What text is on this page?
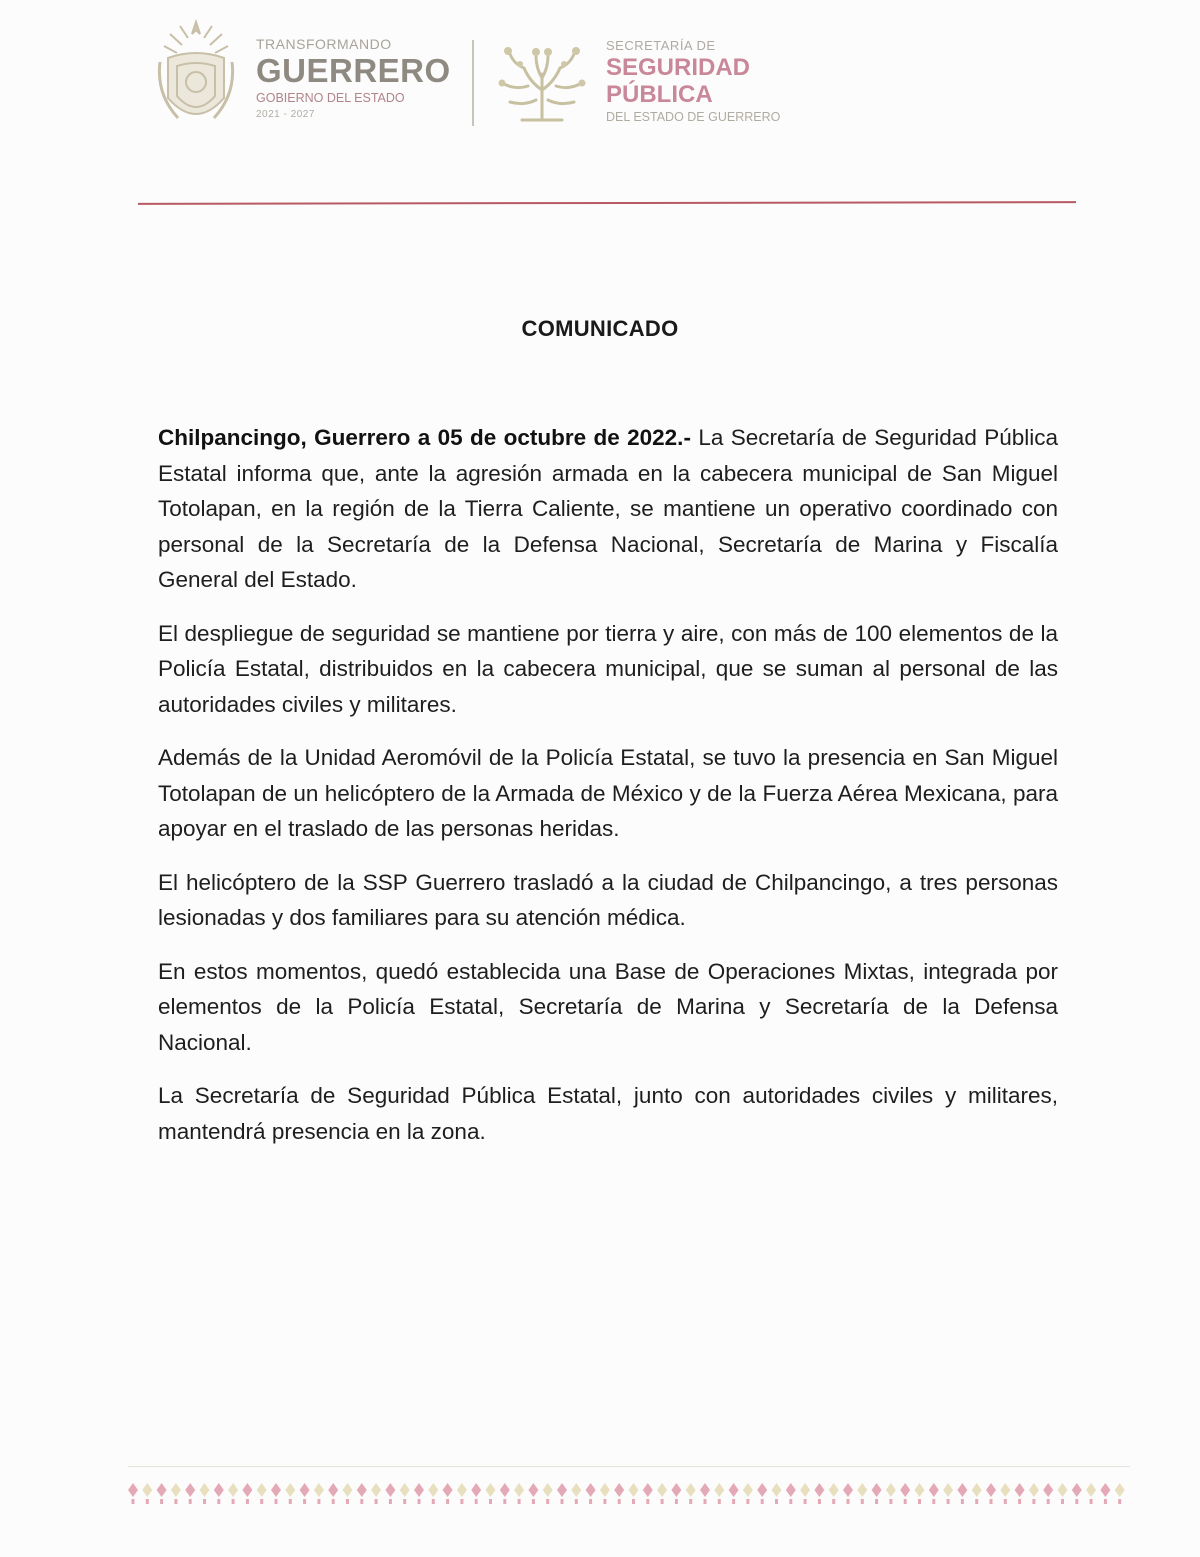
TRANSFORMANDO
GUERRERO
GOBIERNO DEL ESTADO
2021 - 2027
SECRETARÍA DE
SEGURIDAD
PÚBLICA
DEL ESTADO DE GUERRERO
COMUNICADO

Chilpancingo, Guerrero a 05 de octubre de 2022.- La Secretaría de Seguridad Pública Estatal informa que, ante la agresión armada en la cabecera municipal de San Miguel Totolapan, en la región de la Tierra Caliente, se mantiene un operativo coordinado con personal de la Secretaría de la Defensa Nacional, Secretaría de Marina y Fiscalía General del Estado.

El despliegue de seguridad se mantiene por tierra y aire, con más de 100 elementos de la Policía Estatal, distribuidos en la cabecera municipal, que se suman al personal de las autoridades civiles y militares.

Además de la Unidad Aeromóvil de la Policía Estatal, se tuvo la presencia en San Miguel Totolapan de un helicóptero de la Armada de México y de la Fuerza Aérea Mexicana, para apoyar en el traslado de las personas heridas.

El helicóptero de la SSP Guerrero trasladó a la ciudad de Chilpancingo, a tres personas lesionadas y dos familiares para su atención médica.

En estos momentos, quedó establecida una Base de Operaciones Mixtas, integrada por elementos de la Policía Estatal, Secretaría de Marina y Secretaría de la Defensa Nacional.

La Secretaría de Seguridad Pública Estatal, junto con autoridades civiles y militares, mantendrá presencia en la zona.
